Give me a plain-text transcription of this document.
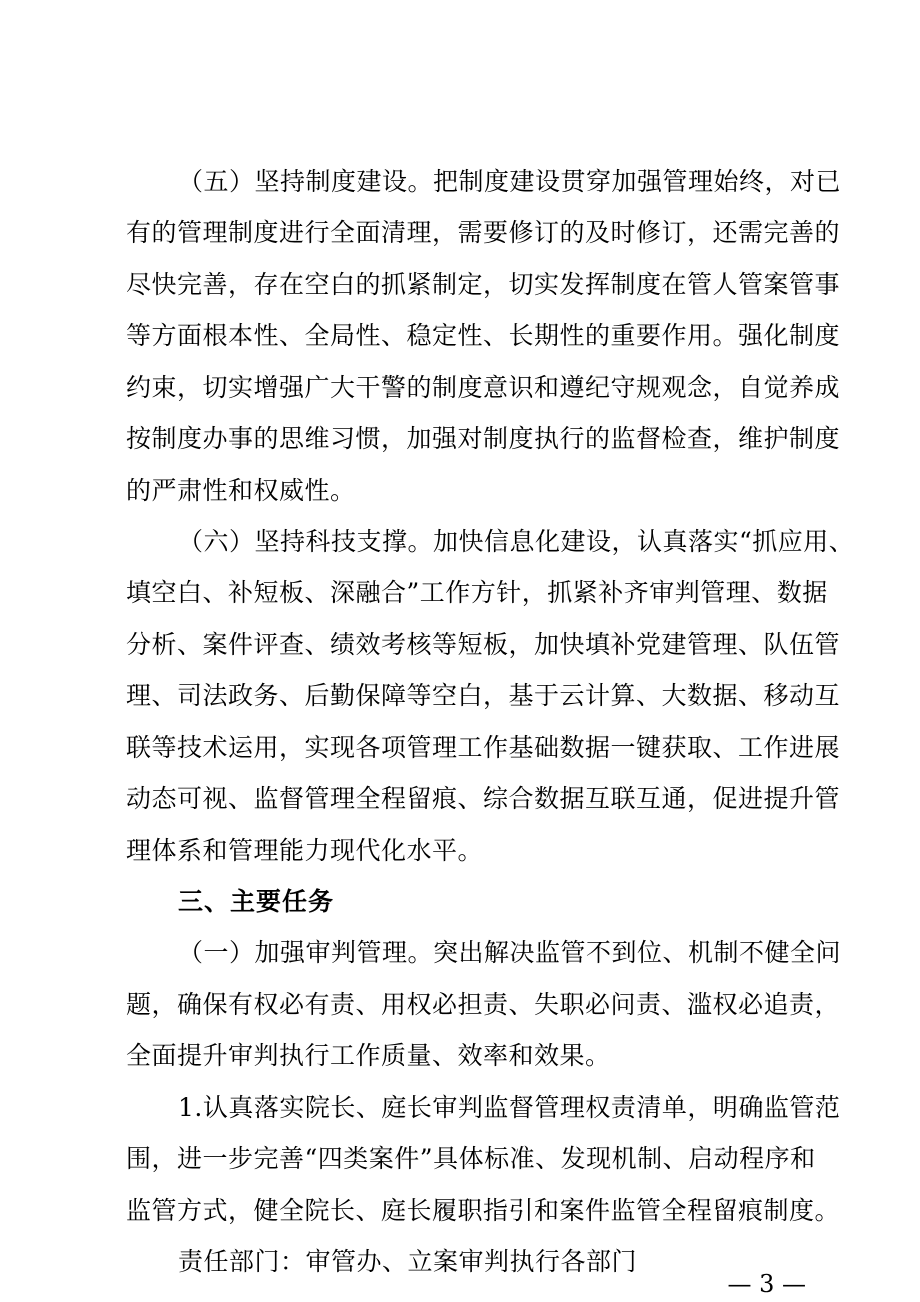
（五）坚持制度建设。把制度建设贯穿加强管理始终，对已
有的管理制度进行全面清理，需要修订的及时修订，还需完善的
尽快完善，存在空白的抓紧制定，切实发挥制度在管人管案管事
等方面根本性、全局性、稳定性、长期性的重要作用。强化制度
约束，切实增强广大干警的制度意识和遵纪守规观念，自觉养成
按制度办事的思维习惯，加强对制度执行的监督检查，维护制度
的严肃性和权威性。
（六）坚持科技支撑。加快信息化建设，认真落实“抓应用、
填空白、补短板、深融合”工作方针，抓紧补齐审判管理、数据
分析、案件评查、绩效考核等短板，加快填补党建管理、队伍管
理、司法政务、后勤保障等空白，基于云计算、大数据、移动互
联等技术运用，实现各项管理工作基础数据一键获取、工作进展
动态可视、监督管理全程留痕、综合数据互联互通，促进提升管
理体系和管理能力现代化水平。
三、主要任务
（一）加强审判管理。突出解决监管不到位、机制不健全问
题，确保有权必有责、用权必担责、失职必问责、滥权必追责，
全面提升审判执行工作质量、效率和效果。
1.认真落实院长、庭长审判监督管理权责清单，明确监管范
围，进一步完善“四类案件”具体标准、发现机制、启动程序和
监管方式，健全院长、庭长履职指引和案件监管全程留痕制度。
责任部门：审管办、立案审判执行各部门
— 3 —
